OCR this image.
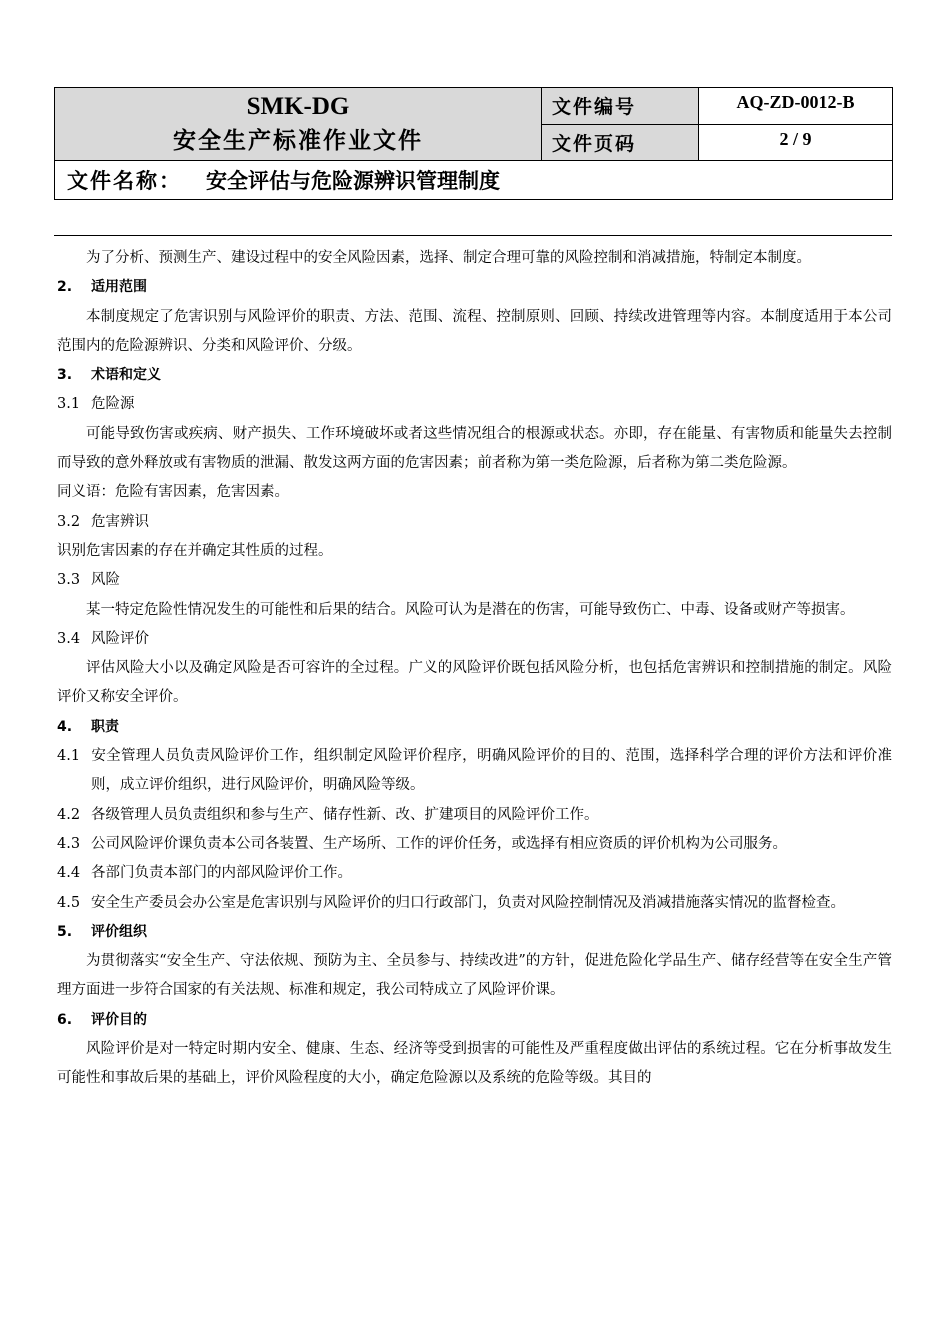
SMK-DG
安全生产标准作业文件	文件编号	AQ-ZD-0012-B
	文件页码	2 / 9
文件名称： 安全评估与危险源辨识管理制度		

为了分析、预测生产、建设过程中的安全风险因素，选择、制定合理可靠的风险控制和消减措施，特制定本制度。

2. 适用范围

本制度规定了危害识别与风险评价的职责、方法、范围、流程、控制原则、回顾、持续改进管理等内容。本制度适用于本公司范围内的危险源辨识、分类和风险评价、分级。

3. 术语和定义

3.1 危险源

可能导致伤害或疾病、财产损失、工作环境破坏或者这些情况组合的根源或状态。亦即，存在能量、有害物质和能量失去控制而导致的意外释放或有害物质的泄漏、散发这两方面的危害因素；前者称为第一类危险源，后者称为第二类危险源。

同义语：危险有害因素，危害因素。

3.2 危害辨识

识别危害因素的存在并确定其性质的过程。

3.3 风险

某一特定危险性情况发生的可能性和后果的结合。风险可认为是潜在的伤害，可能导致伤亡、中毒、设备或财产等损害。

3.4 风险评价

评估风险大小以及确定风险是否可容许的全过程。广义的风险评价既包括风险分析，也包括危害辨识和控制措施的制定。风险评价又称安全评价。

4. 职责

4.1 安全管理人员负责风险评价工作，组织制定风险评价程序，明确风险评价的目的、范围，选择科学合理的评价方法和评价准则，成立评价组织，进行风险评价，明确风险等级。

4.2 各级管理人员负责组织和参与生产、储存性新、改、扩建项目的风险评价工作。

4.3 公司风险评价课负责本公司各装置、生产场所、工作的评价任务，或选择有相应资质的评价机构为公司服务。

4.4 各部门负责本部门的内部风险评价工作。

4.5 安全生产委员会办公室是危害识别与风险评价的归口行政部门，负责对风险控制情况及消减措施落实情况的监督检查。

5. 评价组织

为贯彻落实“安全生产、守法依规、预防为主、全员参与、持续改进”的方针，促进危险化学品生产、储存经营等在安全生产管理方面进一步符合国家的有关法规、标准和规定，我公司特成立了风险评价课。

6. 评价目的

风险评价是对一特定时期内安全、健康、生态、经济等受到损害的可能性及严重程度做出评估的系统过程。它在分析事故发生可能性和事故后果的基础上，评价风险程度的大小，确定危险源以及系统的危险等级。其目的
